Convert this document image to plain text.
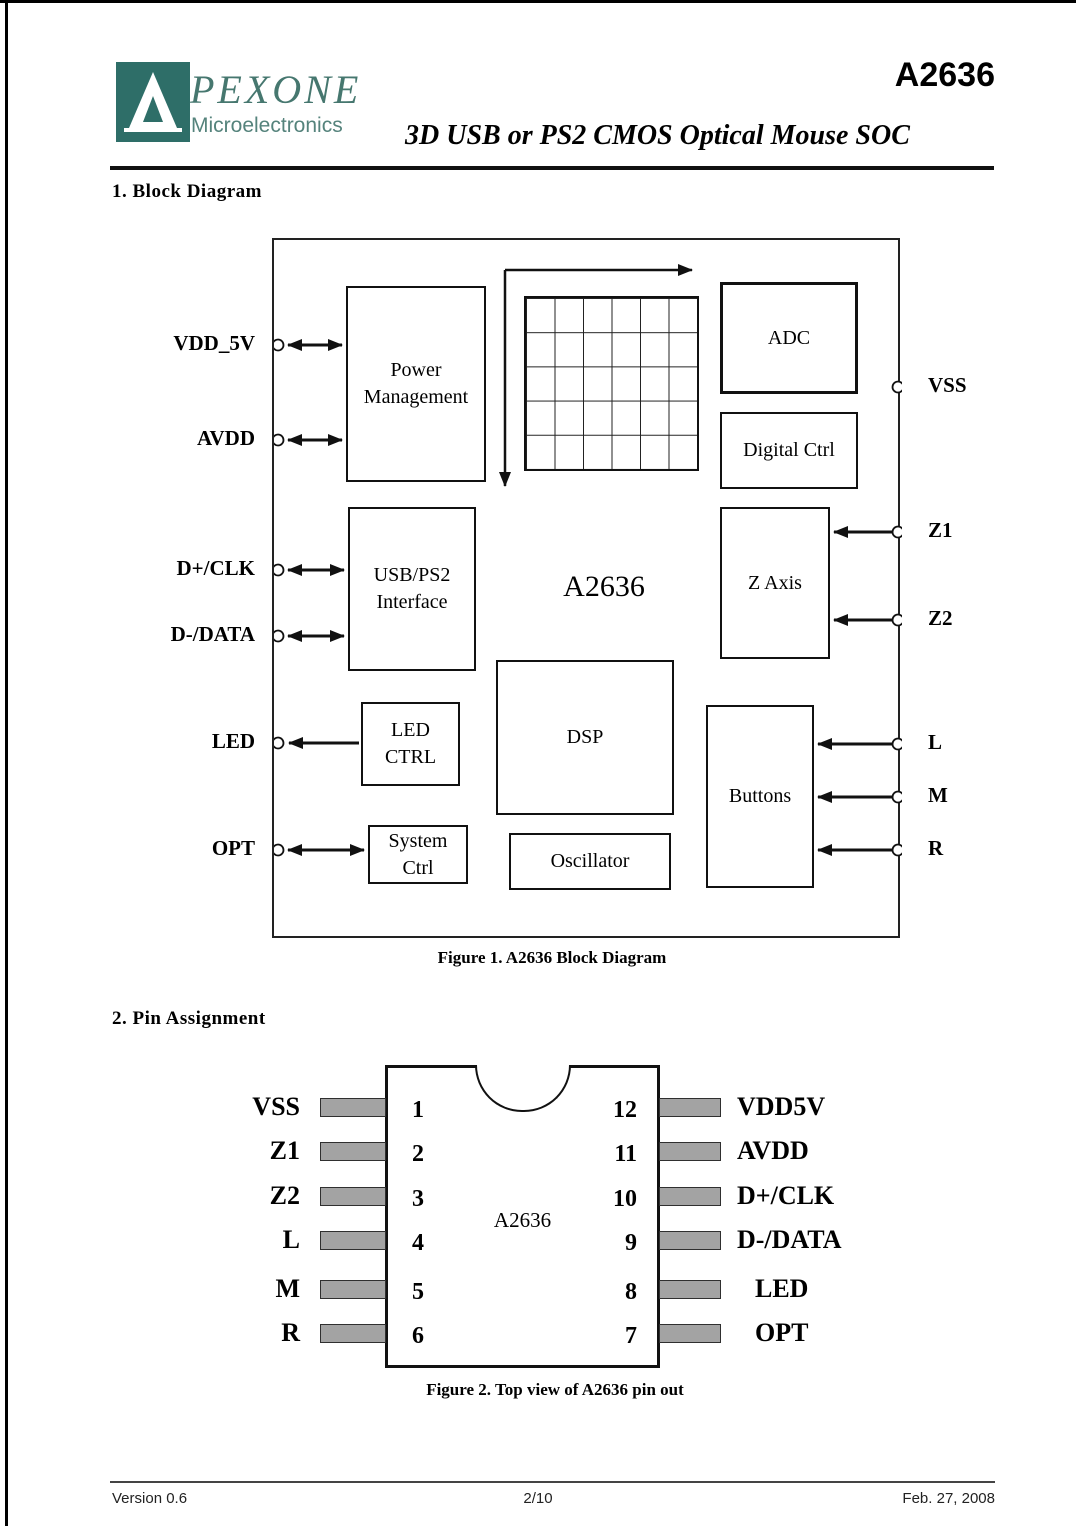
PEXONE
Microelectronics
A2636
3D USB or PS2 CMOS Optical Mouse SOC
1. Block Diagram
Power Management
ADC
Digital Ctrl
Z Axis
USB/PS2 Interface	A2636
DSP
LED CTRL
Buttons
System Ctrl	Oscillator
VDD_5V
AVDD
D+/CLK
D-/DATA
LED
OPT
VSS
Z1
Z2
L
M
R
Figure 1. A2636 Block Diagram
2. Pin Assignment
A2636
1
2
3
4
5
6
12
11
10
9
8
7
VSS
Z1
Z2
L
M
R
VDD5V
AVDD
D+/CLK
D-/DATA
LED
OPT
Figure 2. Top view of A2636 pin out
Version 0.6	2/10	Feb. 27, 2008
